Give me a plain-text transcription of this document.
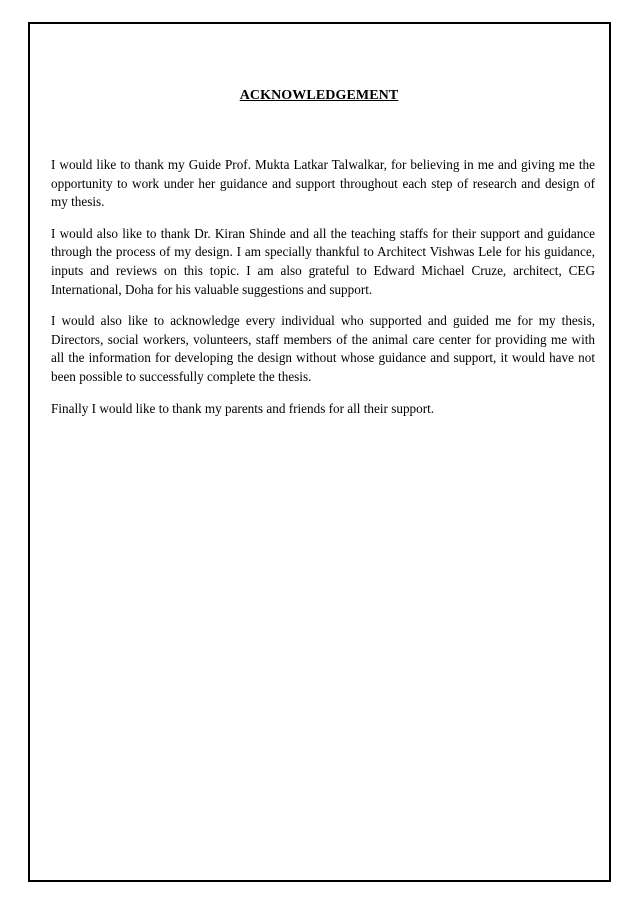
ACKNOWLEDGEMENT

I would like to thank my Guide Prof. Mukta Latkar Talwalkar, for believing in me and giving me the opportunity to work under her guidance and support throughout each step of research and design of my thesis.

I would also like to thank Dr. Kiran Shinde and all the teaching staffs for their support and guidance through the process of my design. I am specially thankful to Architect Vishwas Lele for his guidance, inputs and reviews on this topic. I am also grateful to Edward Michael Cruze, architect, CEG International, Doha for his valuable suggestions and support.

I would also like to acknowledge every individual who supported and guided me for my thesis, Directors, social workers, volunteers, staff members of the animal care center for providing me with all the information for developing the design without whose guidance and support, it would have not been possible to successfully complete the thesis.

Finally I would like to thank my parents and friends for all their support.
